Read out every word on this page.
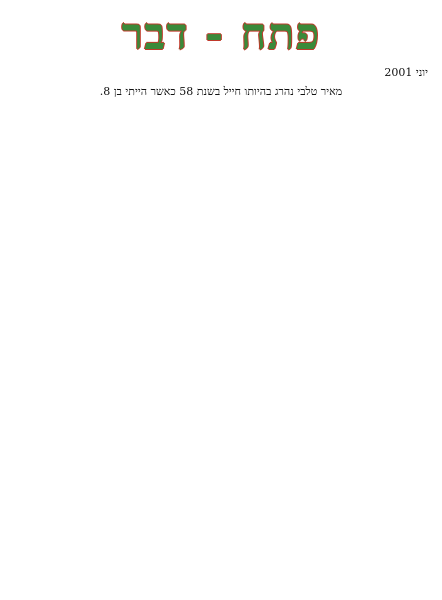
פתח - דבר
יוני 2001
מאיר טלבי נהרג בהיותו חייל בשנת 58 כאשר הייתי בן 8.
